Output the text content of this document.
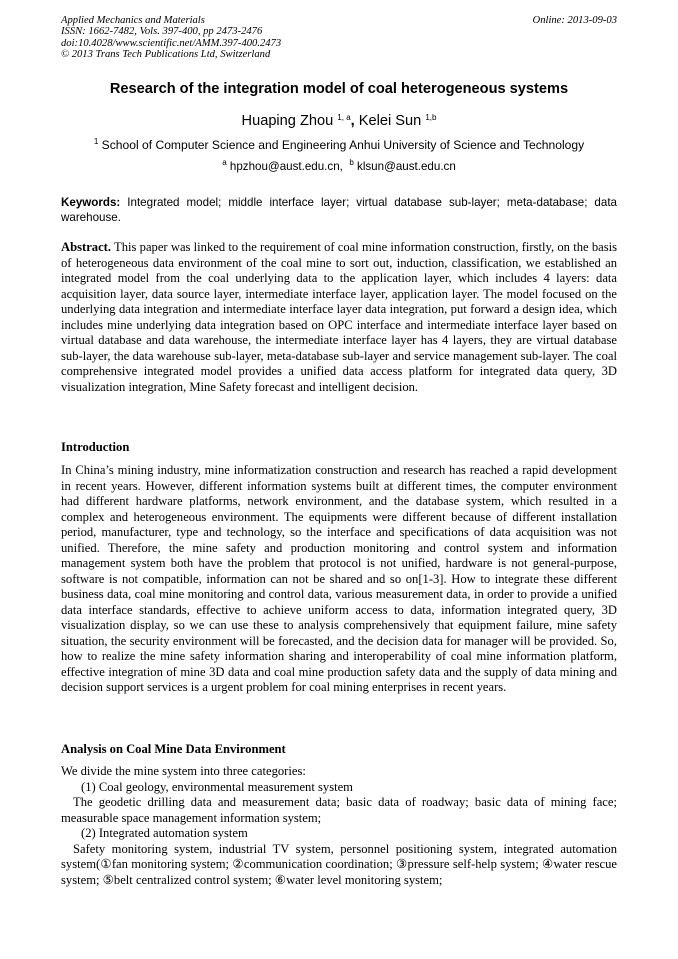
Applied Mechanics and Materials
ISSN: 1662-7482, Vols. 397-400, pp 2473-2476
doi:10.4028/www.scientific.net/AMM.397-400.2473
© 2013 Trans Tech Publications Ltd, Switzerland
Online: 2013-09-03
Research of the integration model of coal heterogeneous systems
Huaping Zhou $^{1, a}$, Kelei Sun $^{1,b}$
$^1$ School of Computer Science and Engineering Anhui University of Science and Technology
$^a$ hpzhou@aust.edu.cn, $^b$ klsun@aust.edu.cn
Keywords: Integrated model; middle interface layer; virtual database sub-layer; meta-database; data warehouse.
Abstract. This paper was linked to the requirement of coal mine information construction, firstly, on the basis of heterogeneous data environment of the coal mine to sort out, induction, classification, we established an integrated model from the coal underlying data to the application layer, which includes 4 layers: data acquisition layer, data source layer, intermediate interface layer, application layer. The model focused on the underlying data integration and intermediate interface layer data integration, put forward a design idea, which includes mine underlying data integration based on OPC interface and intermediate interface layer based on virtual database and data warehouse, the intermediate interface layer has 4 layers, they are virtual database sub-layer, the data warehouse sub-layer, meta-database sub-layer and service management sub-layer. The coal comprehensive integrated model provides a unified data access platform for integrated data query, 3D visualization integration, Mine Safety forecast and intelligent decision.
Introduction
In China’s mining industry, mine informatization construction and research has reached a rapid development in recent years. However, different information systems built at different times, the computer environment had different hardware platforms, network environment, and the database system, which resulted in a complex and heterogeneous environment. The equipments were different because of different installation period, manufacturer, type and technology, so the interface and specifications of data acquisition was not unified. Therefore, the mine safety and production monitoring and control system and information management system both have the problem that protocol is not unified, hardware is not general-purpose, software is not compatible, information can not be shared and so on[1-3]. How to integrate these different business data, coal mine monitoring and control data, various measurement data, in order to provide a unified data interface standards, effective to achieve uniform access to data, information integrated query, 3D visualization display, so we can use these to analysis comprehensively that equipment failure, mine safety situation, the security environment will be forecasted, and the decision data for manager will be provided. So, how to realize the mine safety information sharing and interoperability of coal mine information platform, effective integration of mine 3D data and coal mine production safety data and the supply of data mining and decision support services is a urgent problem for coal mining enterprises in recent years.
Analysis on Coal Mine Data Environment

We divide the mine system into three categories:

(1) Coal geology, environmental measurement system

The geodetic drilling data and measurement data; basic data of roadway; basic data of mining face; measurable space management information system;

(2) Integrated automation system

Safety monitoring system, industrial TV system, personnel positioning system, integrated automation system(①fan monitoring system; ②communication coordination; ③pressure self-help system; ④water rescue system; ⑤belt centralized control system; ⑥water level monitoring system;
